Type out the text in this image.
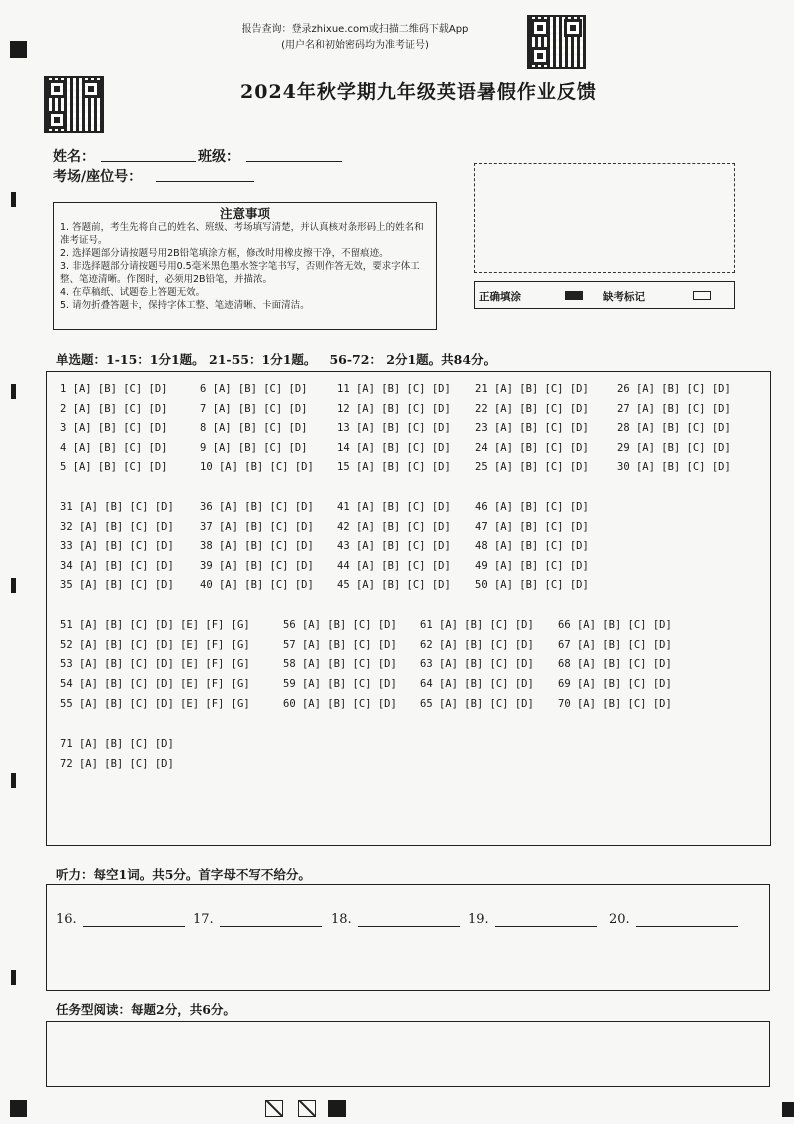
报告查询：登录zhixue.com或扫描二维码下载App
(用户名和初始密码均为准考证号)
2024年秋学期九年级英语暑假作业反馈
姓名：	班级：
考场/座位号：
注意事项
1. 答题前，考生先将自己的姓名、班级、考场填写清楚，并认真核对条形码上的姓名和准考证号。
2. 选择题部分请按题号用2B铅笔填涂方框，修改时用橡皮擦干净，不留痕迹。
3. 非选择题部分请按题号用0.5毫米黑色墨水签字笔书写，否则作答无效，要求字体工整、笔迹清晰。作图时，必须用2B铅笔，并描浓。
4. 在草稿纸、试题卷上答题无效。
5. 请勿折叠答题卡，保持字体工整、笔迹清晰、卡面清洁。
正确填涂	缺考标记
单选题：1-15：1分1题。 21-55：1分1题。   56-72： 2分1题。共84分。
1 [A] [B] [C] [D]	6 [A] [B] [C] [D]	11 [A] [B] [C] [D] 21 [A] [B] [C] [D]	26 [A] [B] [C] [D]
2 [A] [B] [C] [D]	7 [A] [B] [C] [D]	12 [A] [B] [C] [D] 22 [A] [B] [C] [D]	27 [A] [B] [C] [D]
3 [A] [B] [C] [D]	8 [A] [B] [C] [D]	13 [A] [B] [C] [D] 23 [A] [B] [C] [D]	28 [A] [B] [C] [D]
4 [A] [B] [C] [D]	9 [A] [B] [C] [D]	14 [A] [B] [C] [D] 24 [A] [B] [C] [D]	29 [A] [B] [C] [D]
5 [A] [B] [C] [D]	10 [A] [B] [C] [D] 15 [A] [B] [C] [D] 25 [A] [B] [C] [D]	30 [A] [B] [C] [D]
31 [A] [B] [C] [D] 36 [A] [B] [C] [D] 41 [A] [B] [C] [D] 46 [A] [B] [C] [D]
32 [A] [B] [C] [D] 37 [A] [B] [C] [D] 42 [A] [B] [C] [D] 47 [A] [B] [C] [D]
33 [A] [B] [C] [D] 38 [A] [B] [C] [D] 43 [A] [B] [C] [D] 48 [A] [B] [C] [D]
34 [A] [B] [C] [D] 39 [A] [B] [C] [D] 44 [A] [B] [C] [D] 49 [A] [B] [C] [D]
35 [A] [B] [C] [D] 40 [A] [B] [C] [D] 45 [A] [B] [C] [D] 50 [A] [B] [C] [D]
51 [A] [B] [C] [D] [E] [F] [G]	56 [A] [B] [C] [D] 61 [A] [B] [C] [D] 66 [A] [B] [C] [D]
52 [A] [B] [C] [D] [E] [F] [G]	57 [A] [B] [C] [D] 62 [A] [B] [C] [D] 67 [A] [B] [C] [D]
53 [A] [B] [C] [D] [E] [F] [G]	58 [A] [B] [C] [D] 63 [A] [B] [C] [D] 68 [A] [B] [C] [D]
54 [A] [B] [C] [D] [E] [F] [G]	59 [A] [B] [C] [D] 64 [A] [B] [C] [D] 69 [A] [B] [C] [D]
55 [A] [B] [C] [D] [E] [F] [G]	60 [A] [B] [C] [D] 65 [A] [B] [C] [D] 70 [A] [B] [C] [D]
71 [A] [B] [C] [D]
72 [A] [B] [C] [D]
听力：每空1词。共5分。首字母不写不给分。
16.	17.	18.	19.	20.
任务型阅读：每题2分，共6分。
